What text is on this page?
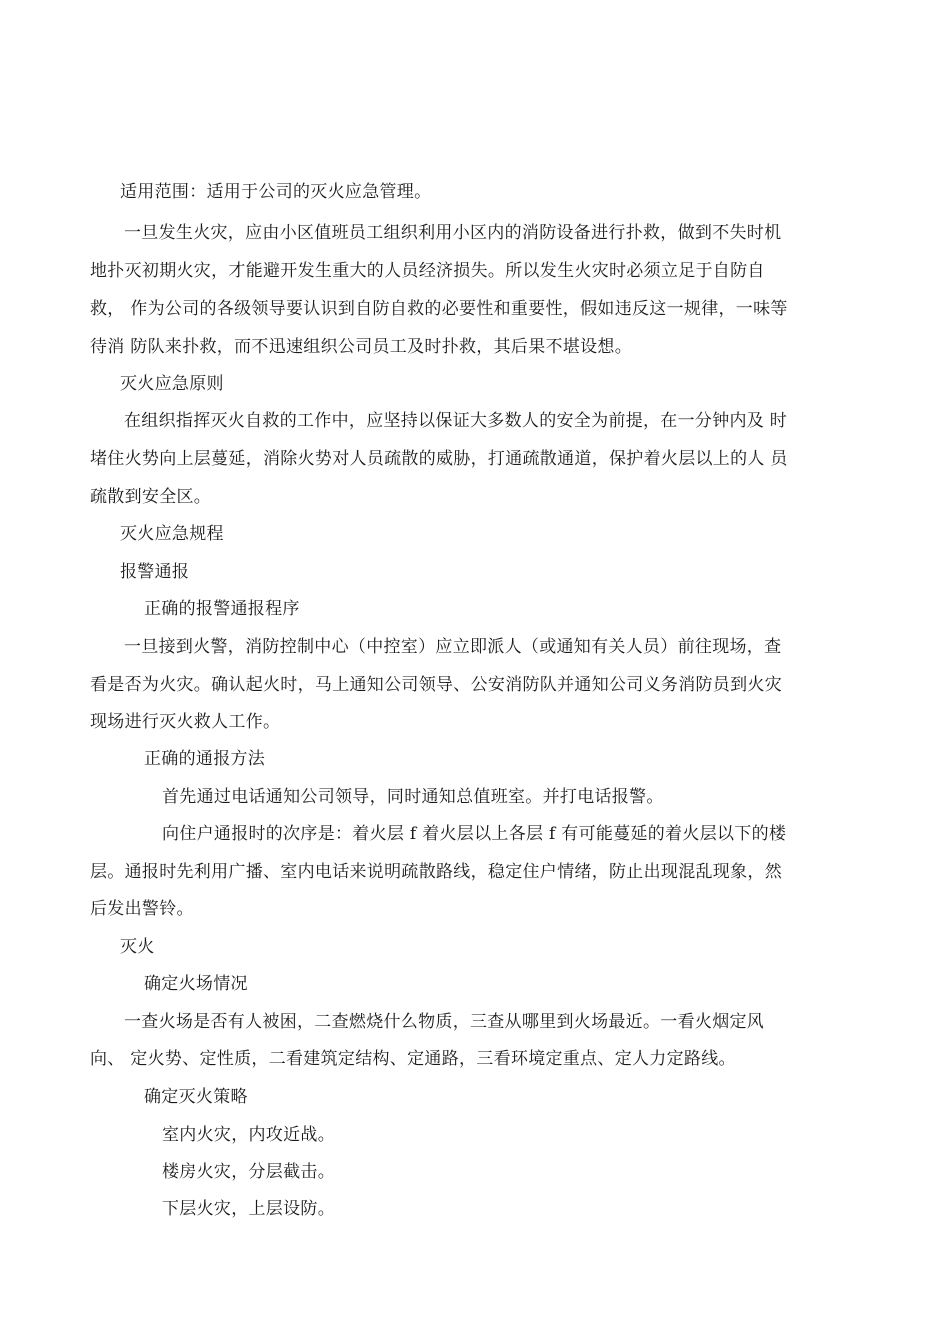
适用范围：适用于公司的灭火应急管理。
一旦发生火灾，应由小区值班员工组织利用小区内的消防设备进行扑救，做到不失时机
地扑灭初期火灾，才能避开发生重大的人员经济损失。所以发生火灾时必须立足于自防自
救， 作为公司的各级领导要认识到自防自救的必要性和重要性，假如违反这一规律，一味等
待消 防队来扑救，而不迅速组织公司员工及时扑救，其后果不堪设想。
灭火应急原则
在组织指挥灭火自救的工作中，应坚持以保证大多数人的安全为前提，在一分钟内及 时
堵住火势向上层蔓延，消除火势对人员疏散的威胁，打通疏散通道，保护着火层以上的人 员
疏散到安全区。
灭火应急规程
报警通报
正确的报警通报程序
一旦接到火警，消防控制中心（中控室）应立即派人（或通知有关人员）前往现场，查
看是否为火灾。确认起火时，马上通知公司领导、公安消防队并通知公司义务消防员到火灾
现场进行灭火救人工作。
正确的通报方法
首先通过电话通知公司领导，同时通知总值班室。并打电话报警。
向住户通报时的次序是：着火层 f 着火层以上各层 f 有可能蔓延的着火层以下的楼
层。通报时先利用广播、室内电话来说明疏散路线，稳定住户情绪，防止出现混乱现象，然
后发出警铃。
灭火
确定火场情况
一查火场是否有人被困，二查燃烧什么物质，三查从哪里到火场最近。一看火烟定风
向、 定火势、定性质，二看建筑定结构、定通路，三看环境定重点、定人力定路线。
确定灭火策略
室内火灾，内攻近战。
楼房火灾，分层截击。
下层火灾，上层设防。
